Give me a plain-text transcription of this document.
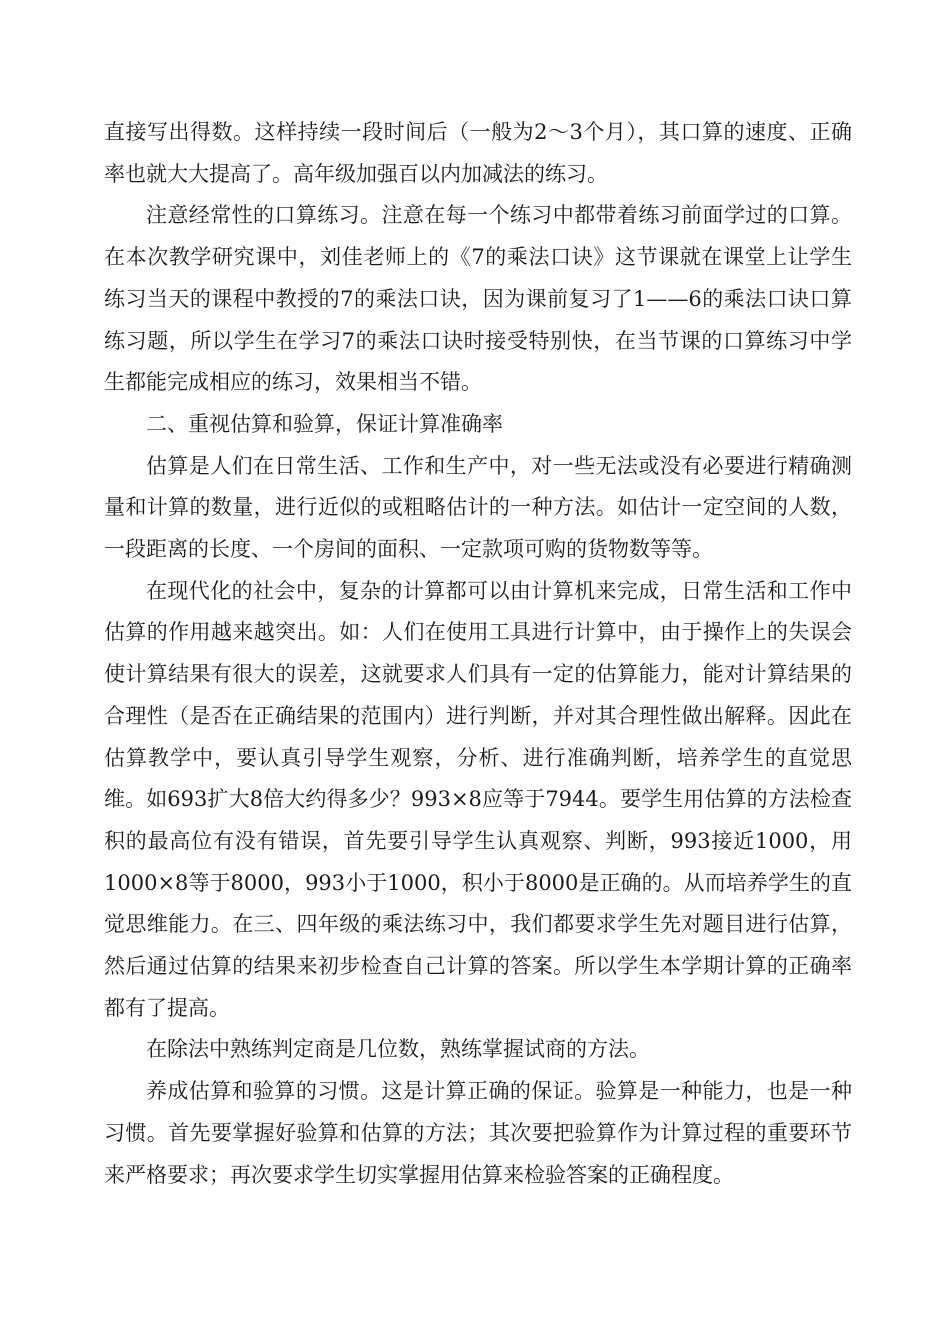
直接写出得数。这样持续一段时间后（一般为2～3个月），其口算的速度、正确率也就大大提高了。高年级加强百以内加减法的练习。

注意经常性的口算练习。注意在每一个练习中都带着练习前面学过的口算。在本次教学研究课中，刘佳老师上的《7的乘法口诀》这节课就在课堂上让学生练习当天的课程中教授的7的乘法口诀，因为课前复习了1——6的乘法口诀口算练习题，所以学生在学习7的乘法口诀时接受特别快，在当节课的口算练习中学生都能完成相应的练习，效果相当不错。

二、重视估算和验算，保证计算准确率

估算是人们在日常生活、工作和生产中，对一些无法或没有必要进行精确测量和计算的数量，进行近似的或粗略估计的一种方法。如估计一定空间的人数，一段距离的长度、一个房间的面积、一定款项可购的货物数等等。

在现代化的社会中，复杂的计算都可以由计算机来完成，日常生活和工作中估算的作用越来越突出。如：人们在使用工具进行计算中，由于操作上的失误会使计算结果有很大的误差，这就要求人们具有一定的估算能力，能对计算结果的合理性（是否在正确结果的范围内）进行判断，并对其合理性做出解释。因此在估算教学中，要认真引导学生观察，分析、进行准确判断，培养学生的直觉思维。如693扩大8倍大约得多少？993×8应等于7944。要学生用估算的方法检查积的最高位有没有错误，首先要引导学生认真观察、判断，993接近1000，用1000×8等于8000，993小于1000，积小于8000是正确的。从而培养学生的直觉思维能力。在三、四年级的乘法练习中，我们都要求学生先对题目进行估算，然后通过估算的结果来初步检查自己计算的答案。所以学生本学期计算的正确率都有了提高。

在除法中熟练判定商是几位数，熟练掌握试商的方法。

养成估算和验算的习惯。这是计算正确的保证。验算是一种能力，也是一种习惯。首先要掌握好验算和估算的方法；其次要把验算作为计算过程的重要环节来严格要求；再次要求学生切实掌握用估算来检验答案的正确程度。
